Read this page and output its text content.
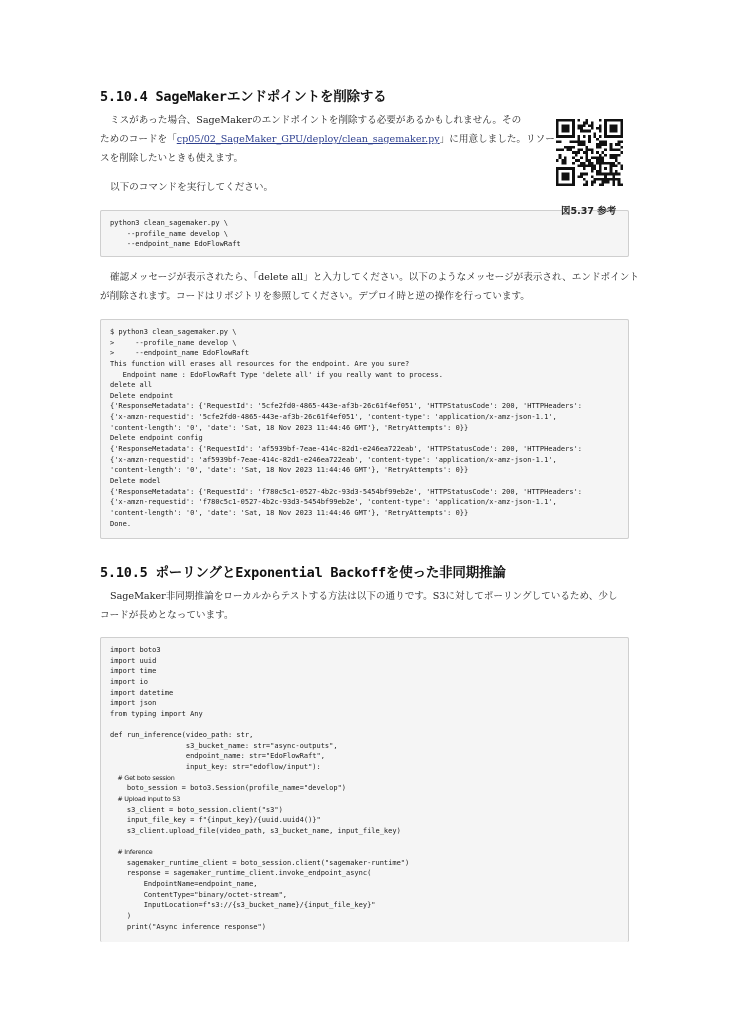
5.10.4 SageMakerエンドポイントを削除する
ミスがあった場合、SageMakerのエンドポイントを削除する必要があるかもしれません。その
ためのコードを「cp05/02_SageMaker_GPU/deploy/clean_sagemaker.py」に用意しました。リソー
スを削除したいときも使えます。
以下のコマンドを実行してください。
python3 clean_sagemaker.py \
--profile_name develop \
--endpoint_name EdoFlowRaft
図5.37 参考
確認メッセージが表示されたら、「delete all」と入力してください。以下のようなメッセージが表示され、エンドポイント
が削除されます。コードはリポジトリを参照してください。デプロイ時と逆の操作を行っています。
$ python3 clean_sagemaker.py \
>     --profile_name develop \
>     --endpoint_name EdoFlowRaft
This function will erases all resources for the endpoint. Are you sure?
Endpoint name : EdoFlowRaft Type 'delete all' if you really want to process.
delete all
Delete endpoint
{'ResponseMetadata': {'RequestId': '5cfe2fd0-4865-443e-af3b-26c61f4ef051', 'HTTPStatusCode': 200, 'HTTPHeaders':
{'x-amzn-requestid': '5cfe2fd0-4865-443e-af3b-26c61f4ef051', 'content-type': 'application/x-amz-json-1.1',
'content-length': '0', 'date': 'Sat, 18 Nov 2023 11:44:46 GMT'}, 'RetryAttempts': 0}}
Delete endpoint config
{'ResponseMetadata': {'RequestId': 'af5939bf-7eae-414c-82d1-e246ea722eab', 'HTTPStatusCode': 200, 'HTTPHeaders':
{'x-amzn-requestid': 'af5939bf-7eae-414c-82d1-e246ea722eab', 'content-type': 'application/x-amz-json-1.1',
'content-length': '0', 'date': 'Sat, 18 Nov 2023 11:44:46 GMT'}, 'RetryAttempts': 0}}
Delete model
{'ResponseMetadata': {'RequestId': 'f780c5c1-0527-4b2c-93d3-5454bf99eb2e', 'HTTPStatusCode': 200, 'HTTPHeaders':
{'x-amzn-requestid': 'f780c5c1-0527-4b2c-93d3-5454bf99eb2e', 'content-type': 'application/x-amz-json-1.1',
'content-length': '0', 'date': 'Sat, 18 Nov 2023 11:44:46 GMT'}, 'RetryAttempts': 0}}
Done.
5.10.5 ポーリングとExponential Backoffを使った非同期推論
SageMaker非同期推論をローカルからテストする方法は以下の通りです。S3に対してポーリングしているため、少し
コードが長めとなっています。
import boto3
import uuid
import time
import io
import datetime
import json
from typing import Any
def run_inference(video_path: str,
s3_bucket_name: str="async-outputs",
endpoint_name: str="EdoFlowRaft",
input_key: str="edoflow/input"):
# Get boto session
boto_session = boto3.Session(profile_name="develop")
# Upload input to S3
s3_client = boto_session.client("s3")
input_file_key = f"{input_key}/{uuid.uuid4()}"
s3_client.upload_file(video_path, s3_bucket_name, input_file_key)
# Inference
sagemaker_runtime_client = boto_session.client("sagemaker-runtime")
response = sagemaker_runtime_client.invoke_endpoint_async(
EndpointName=endpoint_name,
ContentType="binary/octet-stream",
InputLocation=f"s3://{s3_bucket_name}/{input_file_key}"
)
print("Async inference response")
